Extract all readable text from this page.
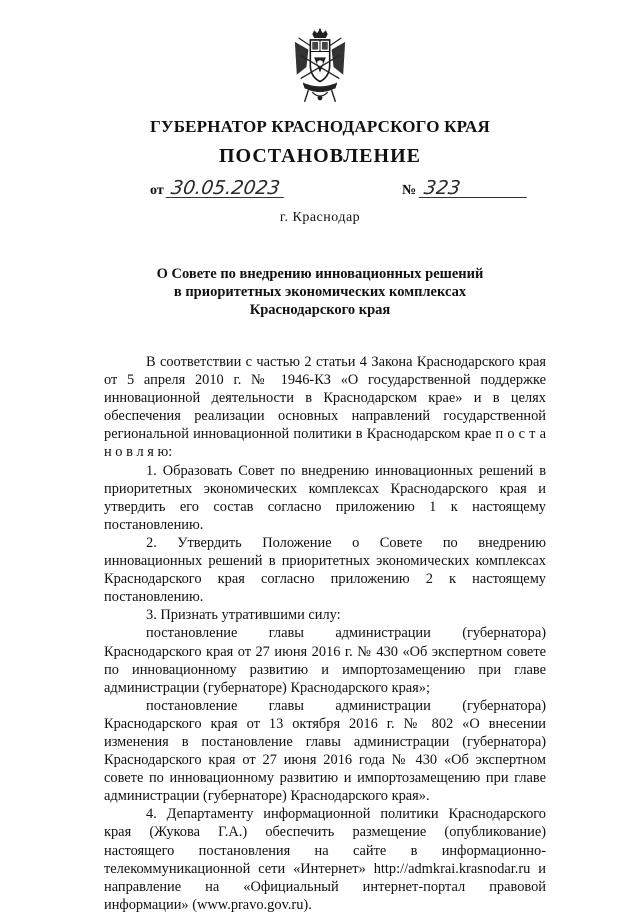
ГУБЕРНАТОР КРАСНОДАРСКОГО КРАЯ
ПОСТАНОВЛЕНИЕ
от 30.05.2023	№ 323
г. Краснодар
О Совете по внедрению инновационных решений
в приоритетных экономических комплексах
Краснодарского края

В соответствии с частью 2 статьи 4 Закона Краснодарского края от 5 апреля 2010 г. № 1946-КЗ «О государственной поддержке инновационной деятельности в Краснодарском крае» и в целях обеспечения реализации основных направлений государственной региональной инновационной политики в Краснодарском крае п о с т а н о в л я ю:

1. Образовать Совет по внедрению инновационных решений в приоритетных экономических комплексах Краснодарского края и утвердить его состав согласно приложению 1 к настоящему постановлению.

2. Утвердить Положение о Совете по внедрению инновационных решений в приоритетных экономических комплексах Краснодарского края согласно приложению 2 к настоящему постановлению.

3. Признать утратившими силу:

постановление главы администрации (губернатора) Краснодарского края от 27 июня 2016 г. № 430 «Об экспертном совете по инновационному развитию и импортозамещению при главе администрации (губернаторе) Краснодарского края»;

постановление главы администрации (губернатора) Краснодарского края от 13 октября 2016 г. № 802 «О внесении изменения в постановление главы администрации (губернатора) Краснодарского края от 27 июня 2016 года № 430 «Об экспертном совете по инновационному развитию и импортозамещению при главе администрации (губернаторе) Краснодарского края».

4. Департаменту информационной политики Краснодарского края (Жукова Г.А.) обеспечить размещение (опубликование) настоящего постановления на сайте в информационно-телекоммуникационной сети «Интернет» http://admkrai.krasnodar.ru и направление на «Официальный интернет-портал правовой информации» (www.pravo.gov.ru).
